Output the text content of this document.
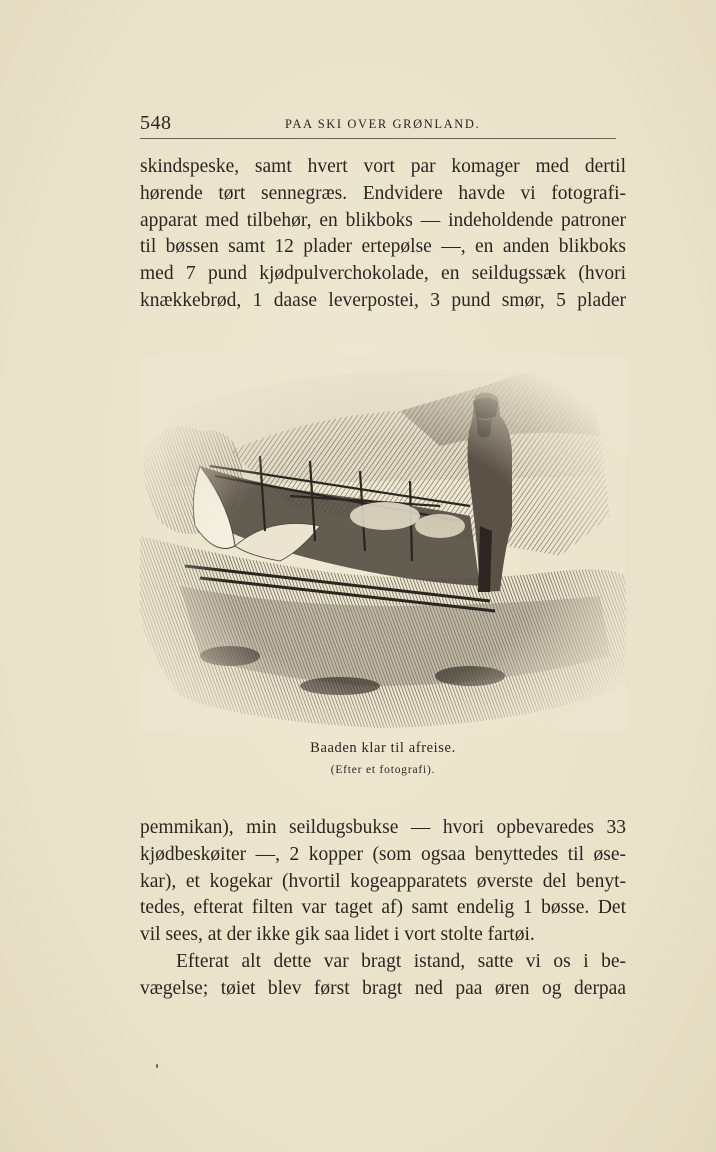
548	PAA SKI OVER GRØNLAND.
skindspeske, samt hvert vort par komager med dertil
hørende tørt sennegræs. Endvidere havde vi fotografi-
apparat med tilbehør, en blikboks — indeholdende patroner
til bøssen samt 12 plader ertepølse —, en anden blikboks
med 7 pund kjødpulverchokolade, en seildugssæk (hvori
knækkebrød, 1 daase leverpostei, 3 pund smør, 5 plader
Baaden klar til afreise.
(Efter et fotografi).
pemmikan), min seildugsbukse — hvori opbevaredes 33
kjødbeskøiter —, 2 kopper (som ogsaa benyttedes til øse-
kar), et kogekar (hvortil kogeapparatets øverste del benyt-
tedes, efterat filten var taget af) samt endelig 1 bøsse. Det
vil sees, at der ikke gik saa lidet i vort stolte fartøi.
Efterat alt dette var bragt istand, satte vi os i be-
vægelse; tøiet blev først bragt ned paa øren og derpaa
